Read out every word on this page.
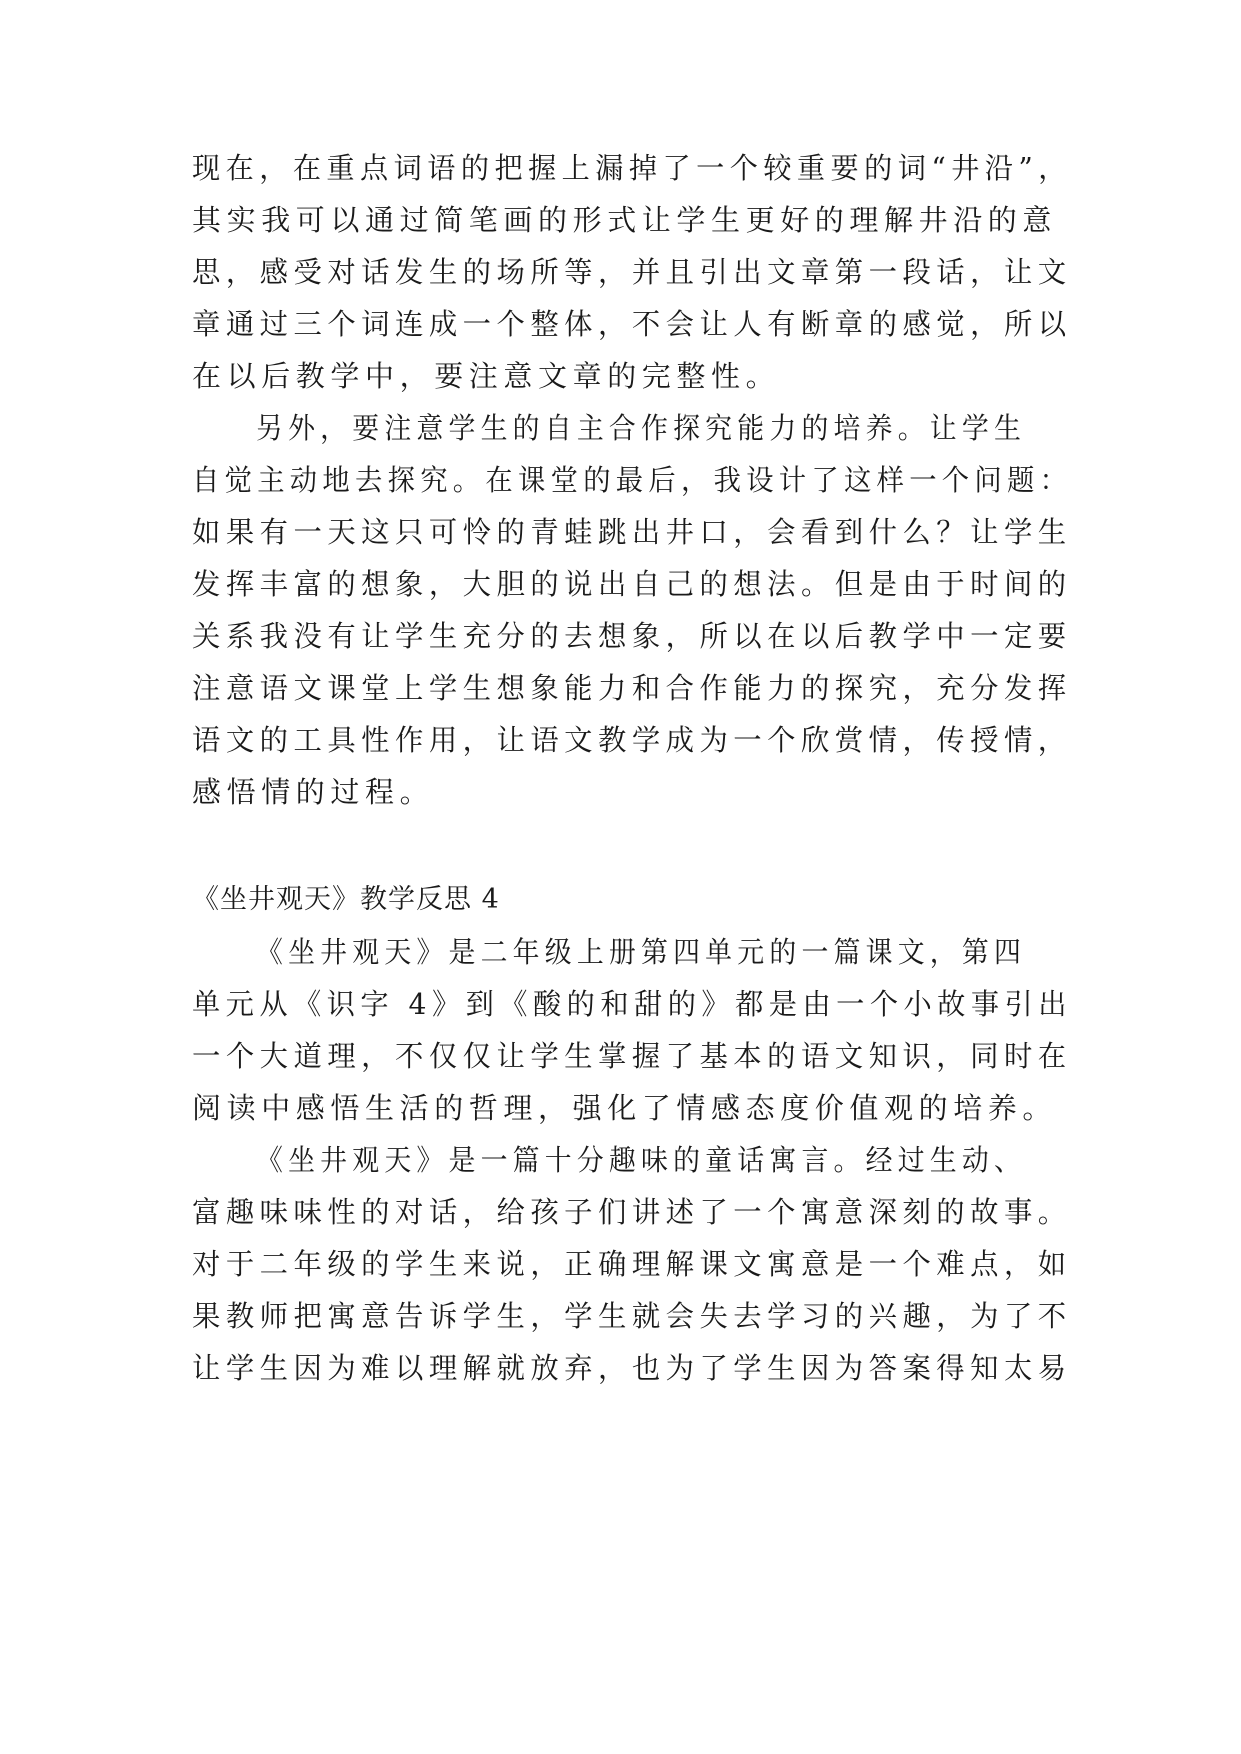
现在，在重点词语的把握上漏掉了一个较重要的词“井沿”，
其实我可以通过简笔画的形式让学生更好的理解井沿的意
思，感受对话发生的场所等，并且引出文章第一段话，让文
章通过三个词连成一个整体，不会让人有断章的感觉，所以
在以后教学中，要注意文章的完整性。
另外，要注意学生的自主合作探究能力的培养。让学生
自觉主动地去探究。在课堂的最后，我设计了这样一个问题：
如果有一天这只可怜的青蛙跳出井口，会看到什么？让学生
发挥丰富的想象，大胆的说出自己的想法。但是由于时间的
关系我没有让学生充分的去想象，所以在以后教学中一定要
注意语文课堂上学生想象能力和合作能力的探究，充分发挥
语文的工具性作用，让语文教学成为一个欣赏情，传授情，
感悟情的过程。
《坐井观天》教学反思 4
《坐井观天》是二年级上册第四单元的一篇课文，第四
单元从《识字 4》到《酸的和甜的》都是由一个小故事引出
一个大道理，不仅仅让学生掌握了基本的语文知识，同时在
阅读中感悟生活的哲理，强化了情感态度价值观的培养。
《坐井观天》是一篇十分趣味的童话寓言。经过生动、
富趣味味性的对话，给孩子们讲述了一个寓意深刻的故事。
对于二年级的学生来说，正确理解课文寓意是一个难点，如
果教师把寓意告诉学生，学生就会失去学习的兴趣，为了不
让学生因为难以理解就放弃，也为了学生因为答案得知太易
